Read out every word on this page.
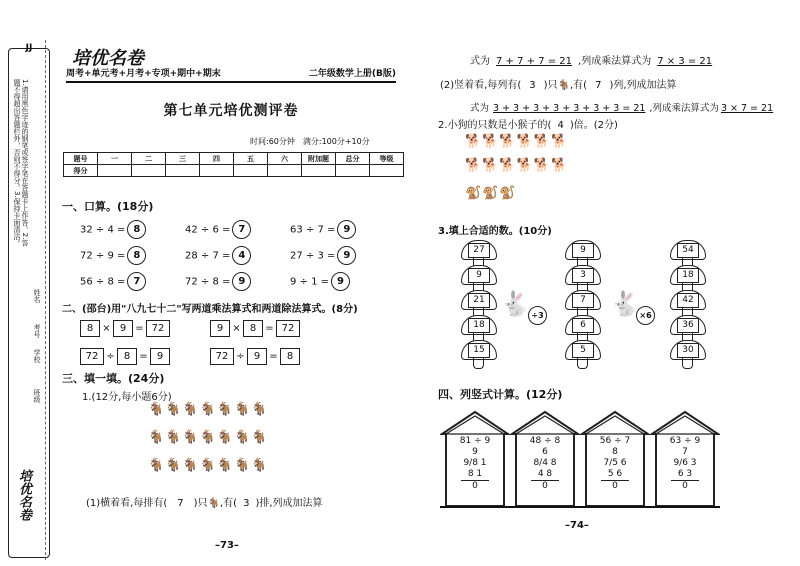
JJ
1.请用黑色字迹的钢笔或签字笔在答题卡上作答。2.答题不得超出答题栏外，否则不得分。3.保持卡面清洁。
学校
班级
姓名
考号
培优名卷
培优名卷
周考+单元考+月考+专项+期中+期末	二年级数学上册(B版)
第七单元培优测评卷
时间:60分钟　满分:100分+10分
题号	一	二	三	四	五	六	附加题	总分	等级
得分									
一、口算。(18分)
32 ÷ 4 = 8	42 ÷ 6 = 7	63 ÷ 7 = 9
72 ÷ 9 = 8	28 ÷ 7 = 4	27 ÷ 3 = 9
56 ÷ 8 = 7	72 ÷ 8 = 9	9 ÷ 1 = 9
二、(邵台)用"八九七十二"写两道乘法算式和两道除法算式。(8分)
8 × 9 = 72	9 × 8 = 72
72 ÷ 8 = 9	72 ÷ 9 = 8
三、填一填。(24分)
1.(12分,每小题6分)
🐐🐐🐐🐐🐐🐐🐐
🐐🐐🐐🐐🐐🐐🐐
🐐🐐🐐🐐🐐🐐🐐
(1)横着看,每排有( 7 )只🐐,有( 3 )排,列成加法算
–73–
式为 7 + 7 + 7 = 21 ,列成乘法算式为 7 × 3 = 21
(2)竖着看,每列有( 3 )只🐐,有( 7 )列,列成加法算
式为 3 + 3 + 3 + 3 + 3 + 3 + 3 = 21 ,列成乘法算式为 3 × 7 = 21
2.小狗的只数是小猴子的( 4 )倍。(2分)
🐕🐕🐕🐕🐕🐕
🐕🐕🐕🐕🐕🐕
🐒🐒🐒
3.填上合适的数。(10分)
27
9
21
18
15
9
3
7
6
5
54
18
42
36
30
🐇 ÷3	🐇 ×6
四、列竖式计算。(12分)
81 ÷ 9
9
9/8 1
8 1
0
48 ÷ 8
6
8/4 8
4 8
0
56 ÷ 7
8
7/5 6
5 6
0
63 ÷ 9
7
9/6 3
6 3
0
–74–
